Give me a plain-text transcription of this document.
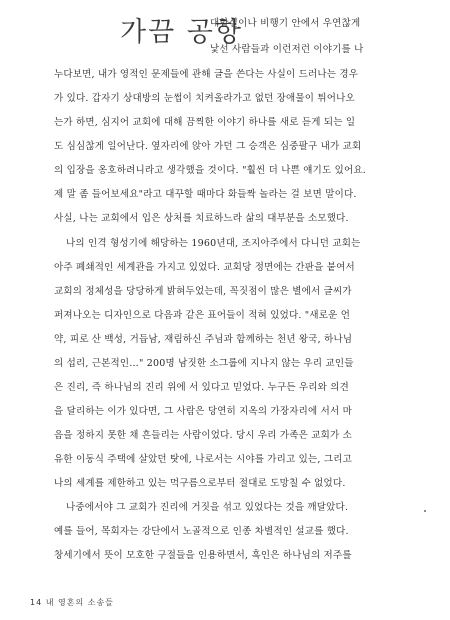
가끔 공항
대합실이나 비행기 안에서 우연찮게
낯선 사람들과 이런저런 이야기를 나
누다보면, 내가 영적인 문제들에 관해 글을 쓴다는 사실이 드러나는 경우
가 있다. 갑자기 상대방의 눈썹이 치켜올라가고 없던 장애물이 튀어나오
는가 하면, 심지어 교회에 대해 끔찍한 이야기 하나를 새로 듣게 되는 일
도 심심찮게 일어난다. 옆자리에 앉아 가던 그 승객은 심중팔구 내가 교회
의 입장을 옹호하려니라고 생각했을 것이다. "훨씬 더 나쁜 얘기도 있어요.
제 말 좀 들어보세요"라고 대꾸할 때마다 화들짝 놀라는 걸 보면 말이다.
사실, 나는 교회에서 입은 상처를 치료하느라 삶의 대부분을 소모했다.
나의 인격 형성기에 해당하는 1960년대, 조지아주에서 다니던 교회는
아주 폐쇄적인 세계관을 가지고 있었다. 교회당 정면에는 간판을 붙여서
교회의 정체성을 당당하게 밝혀두었는데, 꼭짓점이 많은 별에서 글씨가
퍼져나오는 디자인으로 다음과 같은 표어들이 적혀 있었다. "새로운 언
약, 피로 산 백성, 거듭남, 재림하신 주님과 함께하는 천년 왕국, 하나님
의 섭리, 근본적인…" 200명 남짓한 소그룹에 지나지 않는 우리 교인들
은 진리, 즉 하나님의 진리 위에 서 있다고 믿었다. 누구든 우리와 의견
을 달리하는 이가 있다면, 그 사람은 당연히 지옥의 가장자리에 서서 마
음을 정하지 못한 채 흔들리는 사람이었다. 당시 우리 가족은 교회가 소
유한 이동식 주택에 살았던 탓에, 나로서는 시야를 가리고 있는, 그리고
나의 세계를 제한하고 있는 먹구름으로부터 절대로 도망칠 수 없었다.
나중에서야 그 교회가 진리에 거짓을 섞고 있었다는 것을 깨달았다.
예를 들어, 목회자는 강단에서 노골적으로 인종 차별적인 설교를 했다.
창세기에서 뜻이 모호한 구절들을 인용하면서, 흑인은 하나님의 저주를
14 내 영혼의 소송들
